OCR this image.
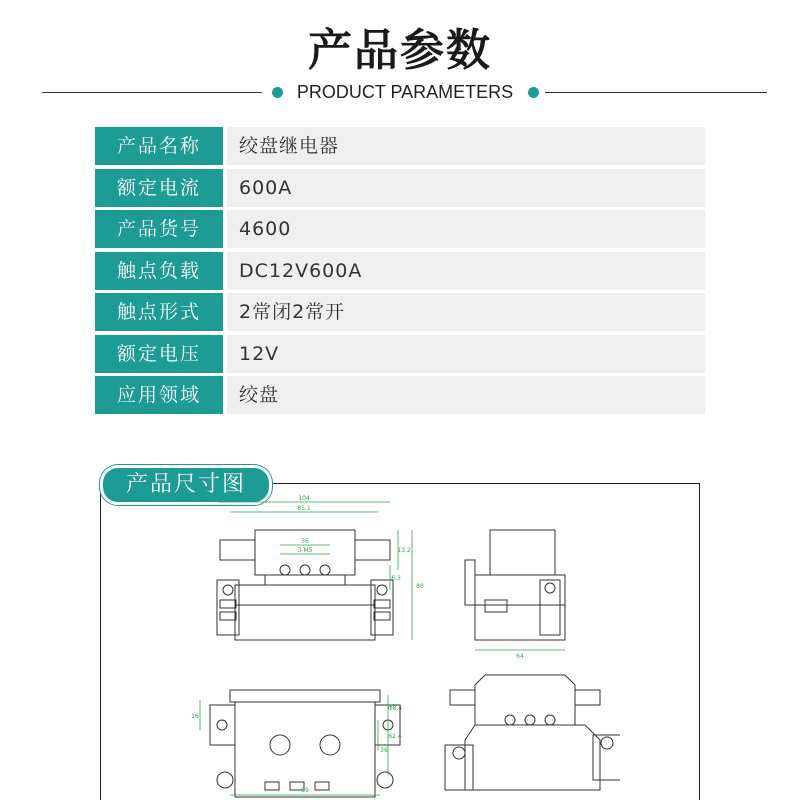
产品参数
PRODUCT PARAMETERS
产品名称	绞盘继电器
额定电流	600A
产品货号	4600
触点负载	DC12V600A
触点形式	2常闭2常开
额定电压	12V
应用领域	绞盘
产品尺寸图
104
85.1
36
3-M5	13.2
6.3
80
64
Φ8.4
62.4
36
16
89
